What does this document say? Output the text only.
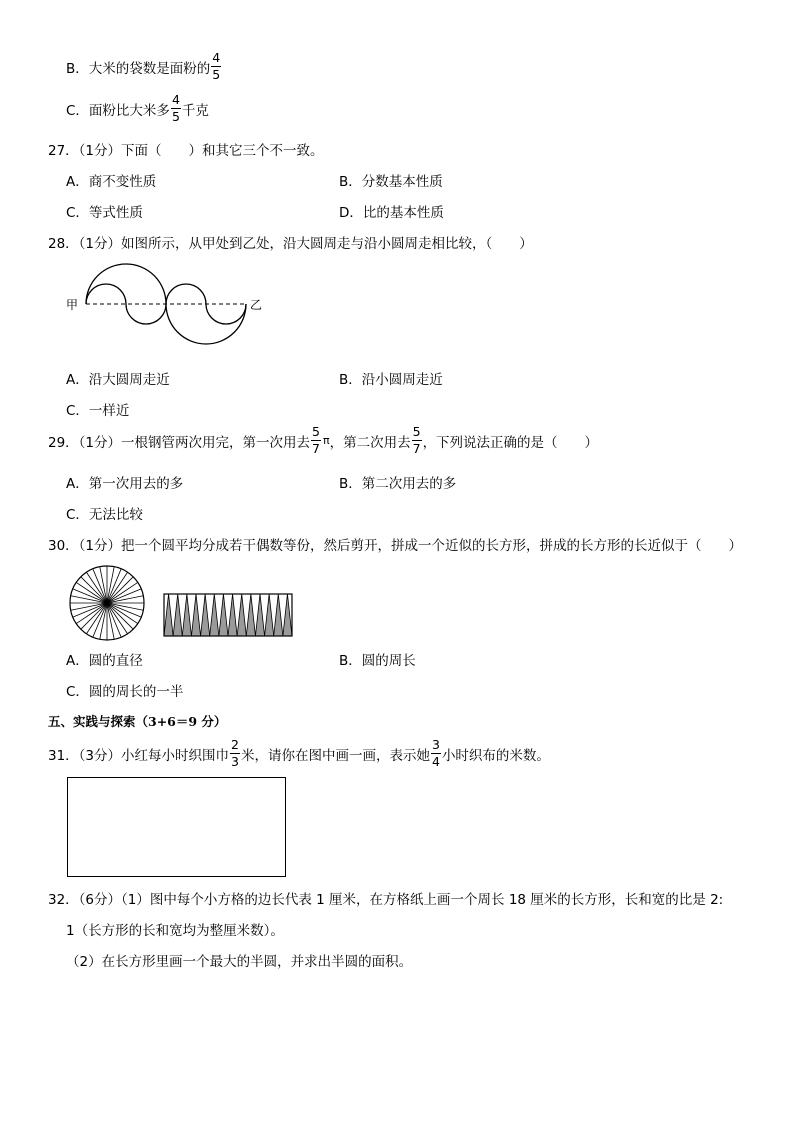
B．大米的袋数是面粉的 $\frac{4}{5}$
C．面粉比大米多 $\frac{4}{5}$ 千克
27．（1分）下面（　　）和其它三个不一致。
A．商不变性质	B．分数基本性质
C．等式性质	D．比的基本性质
28．（1分）如图所示，从甲处到乙处，沿大圆周走与沿小圆周走相比较，（　　）
甲	乙
A．沿大圆周走近	B．沿小圆周走近
C．一样近
29．（1分）一根钢管两次用完，第一次用去 $\frac{5}{7}$ π ，第二次用去 $\frac{5}{7}$ ，下列说法正确的是（　　）
A．第一次用去的多	B．第二次用去的多
C．无法比较
30．（1分）把一个圆平均分成若干偶数等份，然后剪开，拼成一个近似的长方形，拼成的长方形的长近似于（　　）
A．圆的直径	B．圆的周长
C．圆的周长的一半
五、实践与探索（3+6＝9 分）
31．（3分）小红每小时织围巾 $\frac{2}{3}$ 米，请你在图中画一画，表示她 $\frac{3}{4}$ 小时织布的米数。
32．（6分）（1）图中每个小方格的边长代表 1 厘米，在方格纸上画一个周长 18 厘米的长方形，长和宽的比是 2:
1（长方形的长和宽均为整厘米数）。
（2）在长方形里画一个最大的半圆，并求出半圆的面积。
